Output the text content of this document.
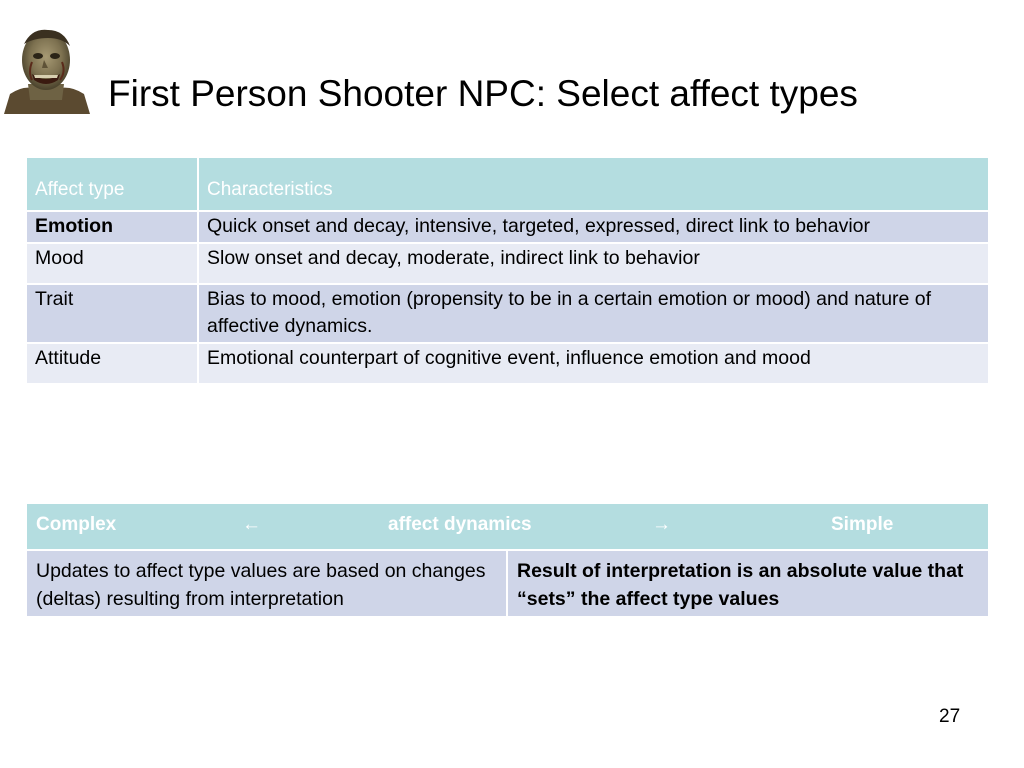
First Person Shooter NPC: Select affect types
Affect type	Characteristics
Emotion	Quick onset and decay, intensive, targeted, expressed, direct link to behavior
Mood	Slow onset and decay, moderate, indirect link to behavior
Trait	Bias to mood, emotion (propensity to be in a certain emotion or mood) and nature of affective dynamics.
Attitude	Emotional counterpart of cognitive event, influence emotion and mood
Complex	←	affect dynamics	→	Simple

Updates to affect type values are based on changes (deltas) resulting from interpretation	Result of interpretation is an absolute value that “sets” the affect type values
27
